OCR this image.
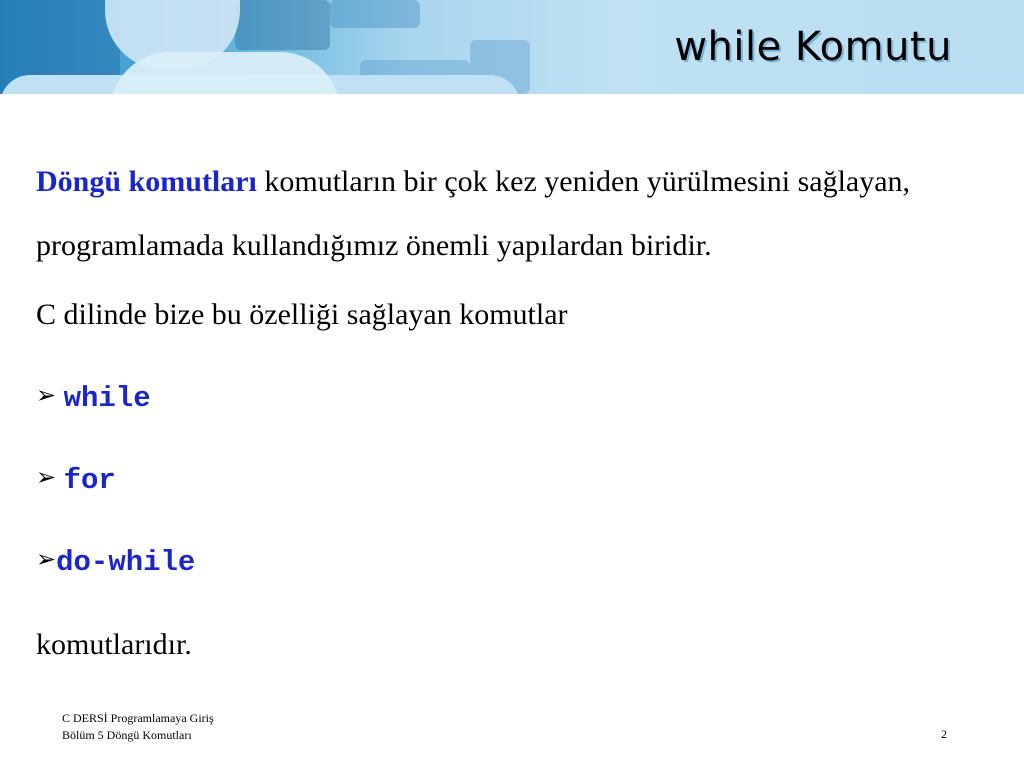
while Komutu
Döngü komutları komutların bir çok kez yeniden yürülmesini sağlayan, programlamada kullandığımız önemli yapılardan biridir.
C dilinde bize bu özelliği sağlayan komutlar
➢ while
➢ for
➢do-while
komutlarıdır.
C DERSİ Programlamaya Giriş
Bölüm 5 Döngü Komutları	2
